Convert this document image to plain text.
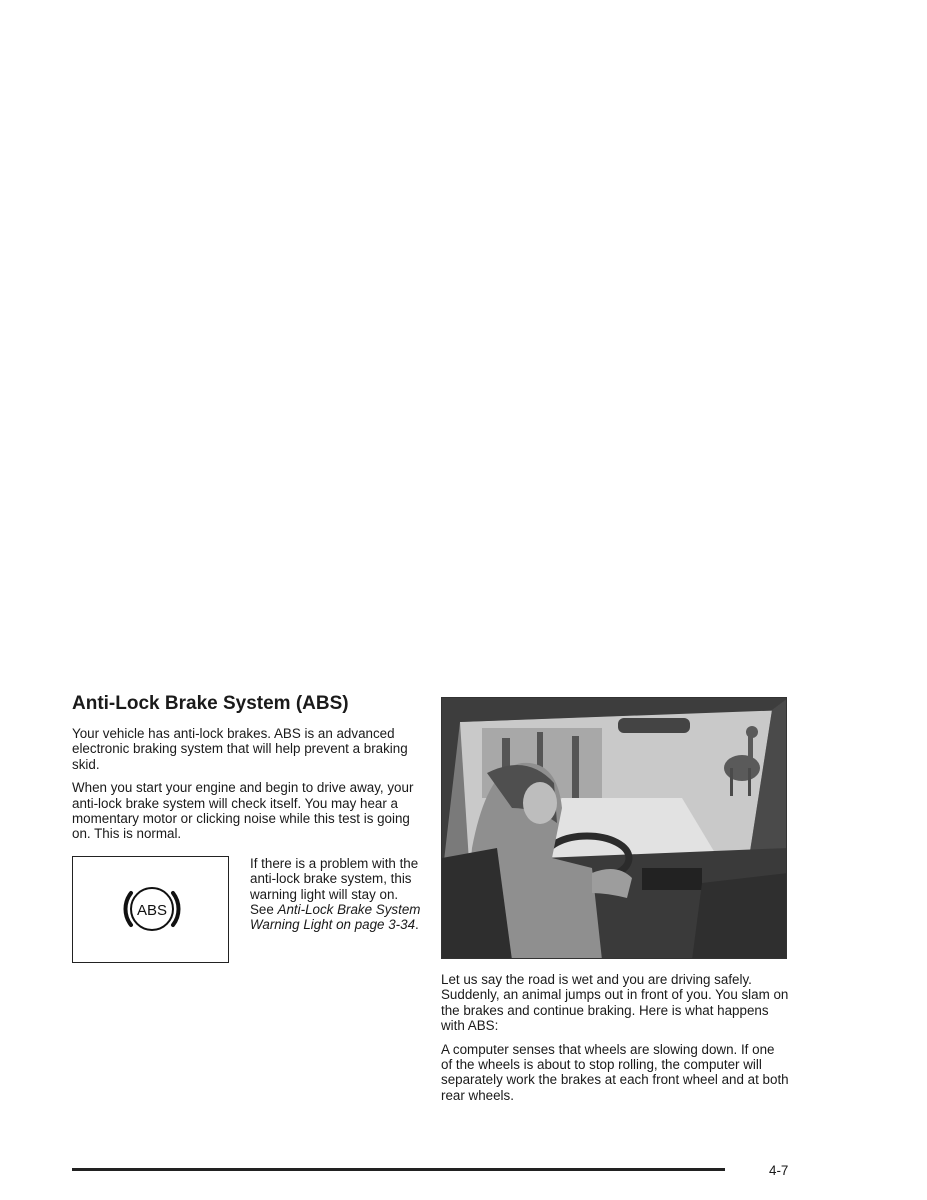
Anti-Lock Brake System (ABS)

Your vehicle has anti-lock brakes. ABS is an advanced electronic braking system that will help prevent a braking skid.

When you start your engine and begin to drive away, your anti-lock brake system will check itself. You may hear a momentary motor or clicking noise while this test is going on. This is normal.

ABS

If there is a problem with the anti-lock brake system, this warning light will stay on. See Anti-Lock Brake System Warning Light on page 3-34.

Let us say the road is wet and you are driving safely. Suddenly, an animal jumps out in front of you. You slam on the brakes and continue braking. Here is what happens with ABS:

A computer senses that wheels are slowing down. If one of the wheels is about to stop rolling, the computer will separately work the brakes at each front wheel and at both rear wheels.

4-7
